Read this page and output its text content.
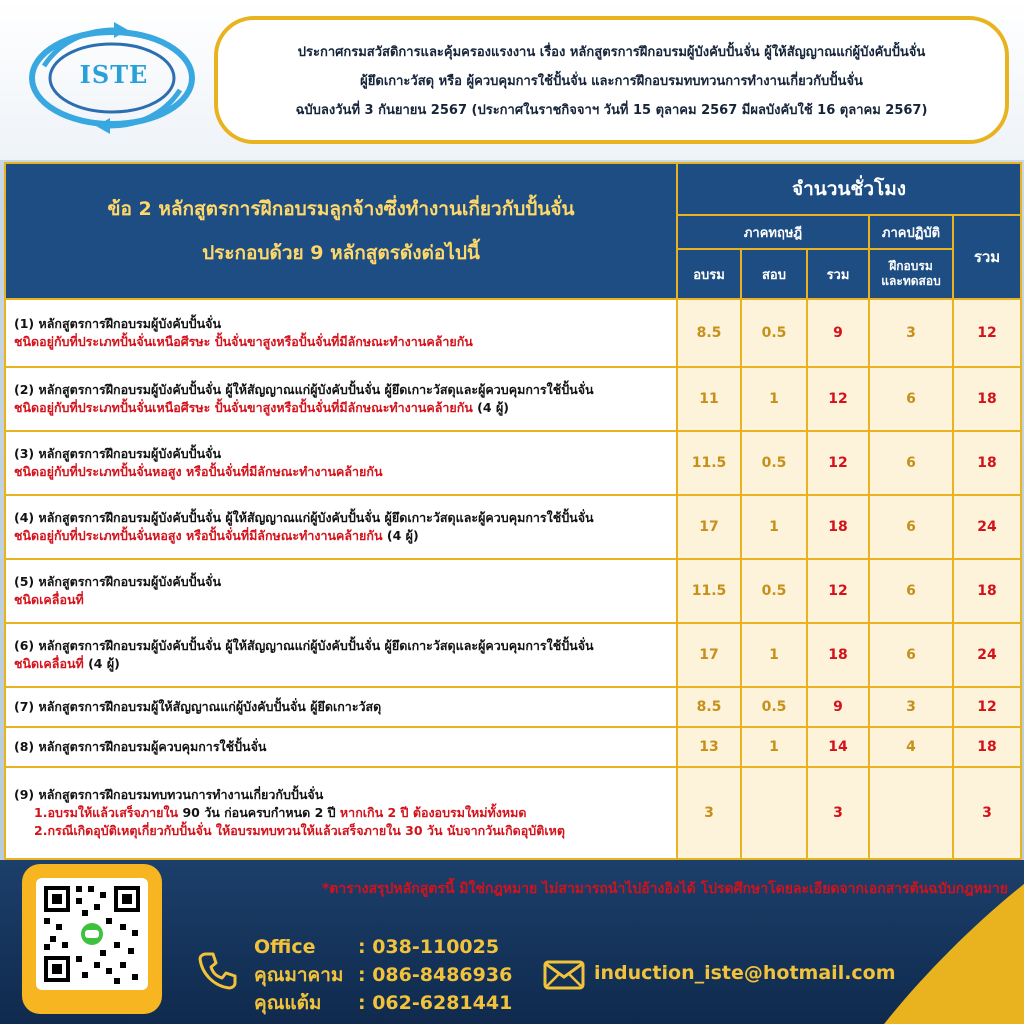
ISTE

ประกาศกรมสวัสดิการและคุ้มครองแรงงาน เรื่อง หลักสูตรการฝึกอบรมผู้บังคับปั้นจั่น ผู้ให้สัญญาณแก่ผู้บังคับปั้นจั่น

ผู้ยึดเกาะวัสดุ หรือ ผู้ควบคุมการใช้ปั้นจั่น และการฝึกอบรมทบทวนการทำงานเกี่ยวกับปั้นจั่น

ฉบับลงวันที่ 3 กันยายน 2567 (ประกาศในราชกิจจาฯ วันที่ 15 ตุลาคม 2567 มีผลบังคับใช้ 16 ตุลาคม 2567)

ข้อ 2 หลักสูตรการฝึกอบรมลูกจ้างซึ่งทำงานเกี่ยวกับปั้นจั่น
ประกอบด้วย 9 หลักสูตรดังต่อไปนี้	จำนวนชั่วโมง				
	ภาคทฤษฎี			ภาคปฏิบัติ	รวม
	อบรม	สอบ	รวม	ฝึกอบรม
และทดสอบ	

(1) หลักสูตรการฝึกอบรมผู้บังคับปั้นจั่น
ชนิดอยู่กับที่ประเภทปั้นจั่นเหนือศีรษะ ปั้นจั่นขาสูงหรือปั้นจั่นที่มีลักษณะทำงานคล้ายกัน	8.5	0.5	9	3	12

(2) หลักสูตรการฝึกอบรมผู้บังคับปั้นจั่น ผู้ให้สัญญาณแก่ผู้บังคับปั้นจั่น ผู้ยึดเกาะวัสดุและผู้ควบคุมการใช้ปั้นจั่น
ชนิดอยู่กับที่ประเภทปั้นจั่นเหนือศีรษะ ปั้นจั่นขาสูงหรือปั้นจั่นที่มีลักษณะทำงานคล้ายกัน (4 ผู้)	11	1	12	6	18

(3) หลักสูตรการฝึกอบรมผู้บังคับปั้นจั่น
ชนิดอยู่กับที่ประเภทปั้นจั่นหอสูง หรือปั้นจั่นที่มีลักษณะทำงานคล้ายกัน	11.5	0.5	12	6	18

(4) หลักสูตรการฝึกอบรมผู้บังคับปั้นจั่น ผู้ให้สัญญาณแก่ผู้บังคับปั้นจั่น ผู้ยึดเกาะวัสดุและผู้ควบคุมการใช้ปั้นจั่น
ชนิดอยู่กับที่ประเภทปั้นจั่นหอสูง หรือปั้นจั่นที่มีลักษณะทำงานคล้ายกัน (4 ผู้)	17	1	18	6	24

(5) หลักสูตรการฝึกอบรมผู้บังคับปั้นจั่น
ชนิดเคลื่อนที่	11.5	0.5	12	6	18

(6) หลักสูตรการฝึกอบรมผู้บังคับปั้นจั่น ผู้ให้สัญญาณแก่ผู้บังคับปั้นจั่น ผู้ยึดเกาะวัสดุและผู้ควบคุมการใช้ปั้นจั่น
ชนิดเคลื่อนที่ (4 ผู้)	17	1	18	6	24

(7) หลักสูตรการฝึกอบรมผู้ให้สัญญาณแก่ผู้บังคับปั้นจั่น ผู้ยึดเกาะวัสดุ	8.5	0.5	9	3	12

(8) หลักสูตรการฝึกอบรมผู้ควบคุมการใช้ปั้นจั่น	13	1	14	4	18

(9) หลักสูตรการฝึกอบรมทบทวนการทำงานเกี่ยวกับปั้นจั่น
1.อบรมให้แล้วเสร็จภายใน 90 วัน ก่อนครบกำหนด 2 ปี หากเกิน 2 ปี ต้องอบรมใหม่ทั้งหมด
2.กรณีเกิดอุบัติเหตุเกี่ยวกับปั้นจั่น ให้อบรมทบทวนให้แล้วเสร็จภายใน 30 วัน นับจากวันเกิดอุบัติเหตุ	3		3		3
*ตารางสรุปหลักสูตรนี้ มิใช่กฎหมาย ไม่สามารถนำไปอ้างอิงได้ โปรดศึกษาโดยละเอียดจากเอกสารต้นฉบับกฎหมาย
Office : 038-110025
คุณมาคาม : 086-8486936
คุณแต้ม : 062-6281441
induction_iste@hotmail.com
